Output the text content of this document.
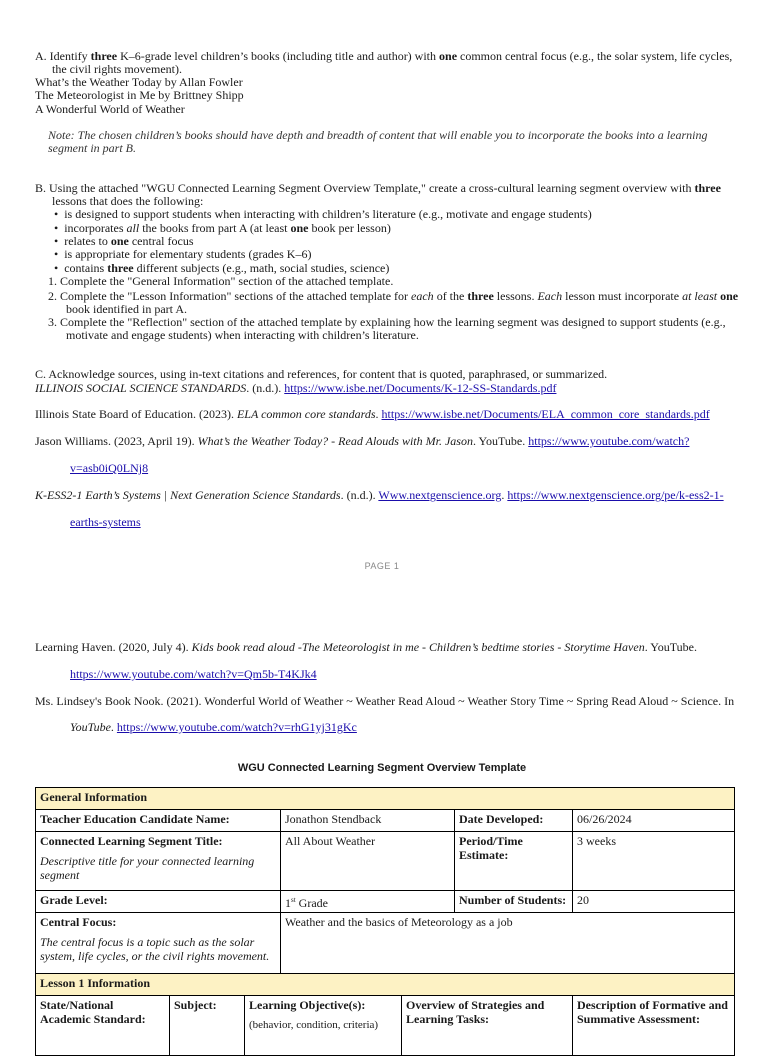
A. Identify three K–6-grade level children’s books (including title and author) with one common central focus (e.g., the solar system, life cycles,
the civil rights movement).
What’s the Weather Today by Allan Fowler
The Meteorologist in Me by Brittney Shipp
A Wonderful World of Weather
Note: The chosen children’s books should have depth and breadth of content that will enable you to incorporate the books into a learning
segment in part B.
B. Using the attached "WGU Connected Learning Segment Overview Template," create a cross-cultural learning segment overview with three
lessons that does the following:
• is designed to support students when interacting with children’s literature (e.g., motivate and engage students)
• incorporates all the books from part A (at least one book per lesson)
• relates to one central focus
• is appropriate for elementary students (grades K–6)
• contains three different subjects (e.g., math, social studies, science)
1. Complete the "General Information" section of the attached template.
2. Complete the "Lesson Information" sections of the attached template for each of the three lessons. Each lesson must incorporate at least one
book identified in part A.
3. Complete the "Reflection" section of the attached template by explaining how the learning segment was designed to support students (e.g.,
motivate and engage students) when interacting with children’s literature.
C. Acknowledge sources, using in-text citations and references, for content that is quoted, paraphrased, or summarized.
ILLINOIS SOCIAL SCIENCE STANDARDS. (n.d.). https://www.isbe.net/Documents/K-12-SS-Standards.pdf
Illinois State Board of Education. (2023). ELA common core standards. https://www.isbe.net/Documents/ELA_common_core_standards.pdf
Jason Williams. (2023, April 19). What’s the Weather Today? - Read Alouds with Mr. Jason. YouTube. https://www.youtube.com/watch?
v=asb0iQ0LNj8
K-ESS2-1 Earth’s Systems | Next Generation Science Standards. (n.d.). Www.nextgenscience.org. https://www.nextgenscience.org/pe/k-ess2-1-
earths-systems
PAGE 1
Learning Haven. (2020, July 4). Kids book read aloud -The Meteorologist in me - Children’s bedtime stories - Storytime Haven. YouTube.
https://www.youtube.com/watch?v=Qm5b-T4KJk4
Ms. Lindsey's Book Nook. (2021). Wonderful World of Weather ~ Weather Read Aloud ~ Weather Story Time ~ Spring Read Aloud ~ Science. In
YouTube. https://www.youtube.com/watch?v=rhG1yj31gKc
WGU Connected Learning Segment Overview Template
General Information						
Teacher Education Candidate Name:			Jonathon Stendback		Date Developed:	06/26/2024

Connected Learning Segment Title:
Descriptive title for your connected learning segment			All About Weather		Period/Time Estimate:	3 weeks
Grade Level:			1st Grade		Number of Students:	20

Central Focus:
The central focus is a topic such as the solar system, life cycles, or the civil rights movement.			Weather and the basics of Meteorology as a job			
Lesson 1 Information						
State/National Academic Standard:	Subject:	Learning Objective(s):
(behavior, condition, criteria)		Overview of Strategies and Learning Tasks:		Description of Formative and Summative Assessment:
